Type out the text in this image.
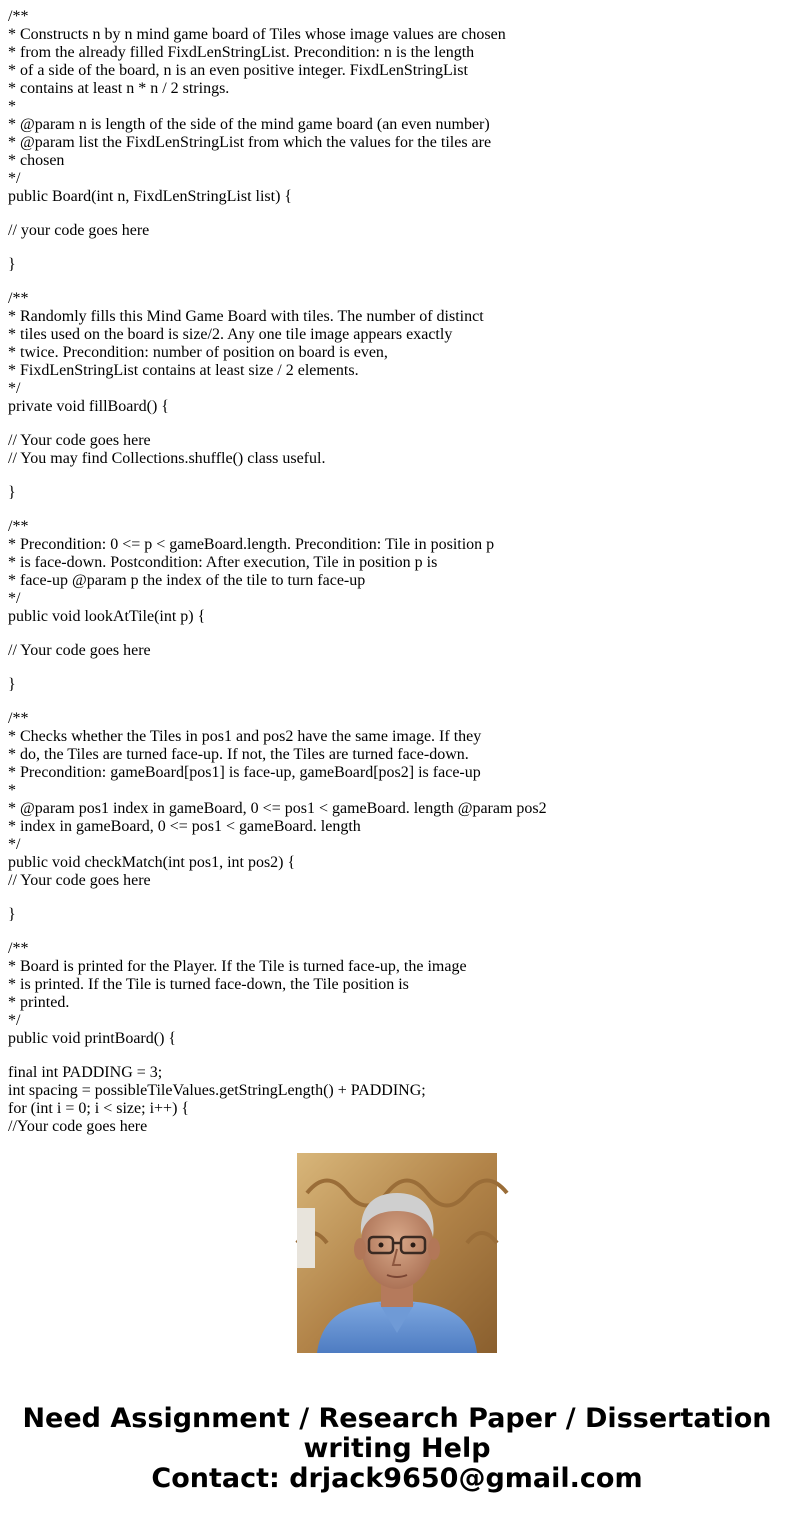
/**
* Constructs n by n mind game board of Tiles whose image values are chosen
* from the already filled FixdLenStringList. Precondition: n is the length
* of a side of the board, n is an even positive integer. FixdLenStringList
* contains at least n * n / 2 strings.
*
* @param n is length of the side of the mind game board (an even number)
* @param list the FixdLenStringList from which the values for the tiles are
* chosen
*/
public Board(int n, FixdLenStringList list) {
// your code goes here
}
/**
* Randomly fills this Mind Game Board with tiles. The number of distinct
* tiles used on the board is size/2. Any one tile image appears exactly
* twice. Precondition: number of position on board is even,
* FixdLenStringList contains at least size / 2 elements.
*/
private void fillBoard() {
// Your code goes here
// You may find Collections.shuffle() class useful.
}
/**
* Precondition: 0 <= p < gameBoard.length. Precondition: Tile in position p
* is face-down. Postcondition: After execution, Tile in position p is
* face-up @param p the index of the tile to turn face-up
*/
public void lookAtTile(int p) {
// Your code goes here
}
/**
* Checks whether the Tiles in pos1 and pos2 have the same image. If they
* do, the Tiles are turned face-up. If not, the Tiles are turned face-down.
* Precondition: gameBoard[pos1] is face-up, gameBoard[pos2] is face-up
*
* @param pos1 index in gameBoard, 0 <= pos1 < gameBoard. length @param pos2
* index in gameBoard, 0 <= pos1 < gameBoard. length
*/
public void checkMatch(int pos1, int pos2) {
// Your code goes here
}
/**
* Board is printed for the Player. If the Tile is turned face-up, the image
* is printed. If the Tile is turned face-down, the Tile position is
* printed.
*/
public void printBoard() {
final int PADDING = 3;
int spacing = possibleTileValues.getStringLength() + PADDING;
for (int i = 0; i < size; i++) {
//Your code goes here
Need Assignment / Research Paper / Dissertation
writing Help
Contact: drjack9650@gmail.com
